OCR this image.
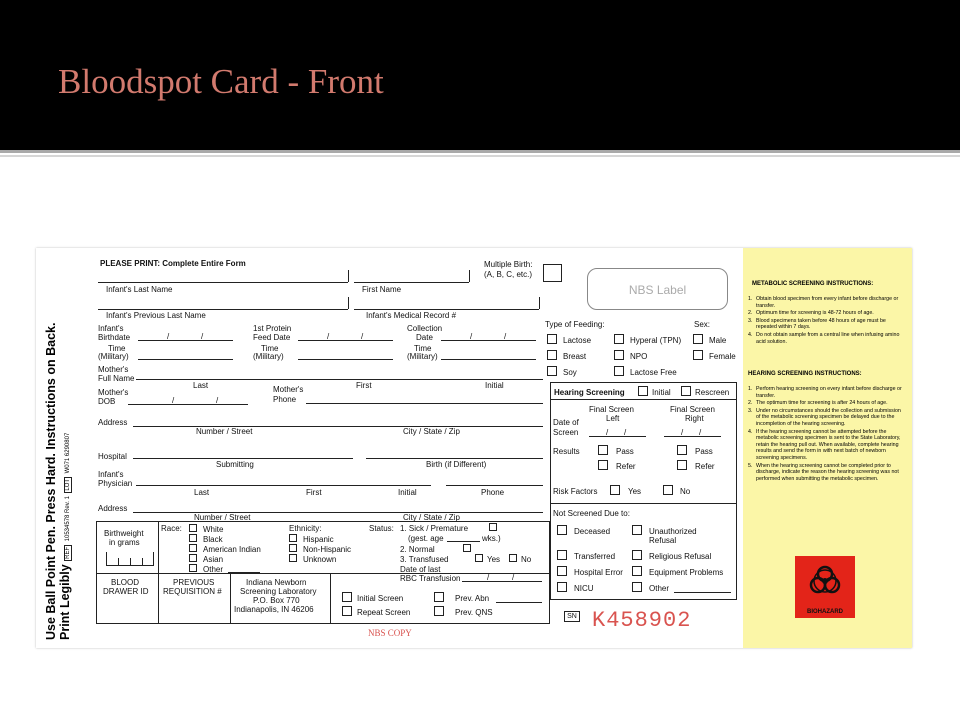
Bloodspot Card - Front
Use Ball Point Pen. Press Hard. Instructions on Back. Print Legibly REF 10534578 Rev. 1 LOT W071 6290807
PLEASE PRINT: Complete Entire Form	Multiple Birth:
(A, B, C, etc.)
NBS Label
Infant's Last Name	First Name
Infant's Previous Last Name	Infant's Medical Record #
Infant's
Birthdate	/	/
Time
(Military)
1st Protein
Feed Date	/	/
Time
(Military)
Collection
Date	/	/
Time
(Military)
Type of Feeding:	Sex:
Lactose	Hyperal (TPN)	Male
Breast	NPO	Female
Soy	Lactose Free
Mother's
Full Name
Last	First	Initial
Mother's
DOB	/	/
Mother's
Phone
Address
Number / Street	City / State / Zip
Hospital
Submitting	Birth (if Different)
Infant's
Physician
Last	First	Initial	Phone
Address
Number / Street	City / State / Zip
Hearing Screening	Initial	Rescreen
Final Screen
Left
Final Screen
Right
Date of
Screen	/ /	/ /
Results	Pass	Pass
Refer	Refer
Risk Factors	Yes	No
Not Screened Due to:
Deceased	Unauthorized
Refusal
Transferred	Religious Refusal
Hospital Error	Equipment Problems
NICU	Other
Birthweight
in grams
Race:	White
Black
American Indian
Asian
Other
Ethnicity:
Hispanic
Non-Hispanic
Unknown
Status: 1. Sick / Premature
(gest. age	wks.)
2. Normal
3. Transfused	Yes	No
Date of last
RBC Transfusion	/	/
BLOOD
DRAWER ID
PREVIOUS
REQUISITION #
Indiana Newborn
Screening Laboratory
P.O. Box 770
Indianapolis, IN 46206
Initial Screen	Prev. Abn
Repeat Screen	Prev. QNS	SN K458902
NBS COPY
METABOLIC SCREENING INSTRUCTIONS:
1. Obtain blood specimen from every infant before discharge or transfer.
2. Optimum time for screening is 48-72 hours of age.
3. Blood specimens taken before 48 hours of age must be repeated within 7 days.
4. Do not obtain sample from a central line when infusing amino acid solution.
HEARING SCREENING INSTRUCTIONS:
1. Perform hearing screening on every infant before discharge or transfer.
2. The optimum time for screening is after 24 hours of age.
3. Under no circumstances should the collection and submission of the metabolic screening specimen be delayed due to the incompletion of the hearing screening.
4. If the hearing screening cannot be attempted before the metabolic screening specimen is sent to the State Laboratory, retain the hearing pull out. When available, complete hearing results and send the form in with next batch of newborn screening specimens.
5. When the hearing screening cannot be completed prior to discharge, indicate the reason the hearing screening was not performed when submitting the metabolic specimen.
BIOHAZARD
